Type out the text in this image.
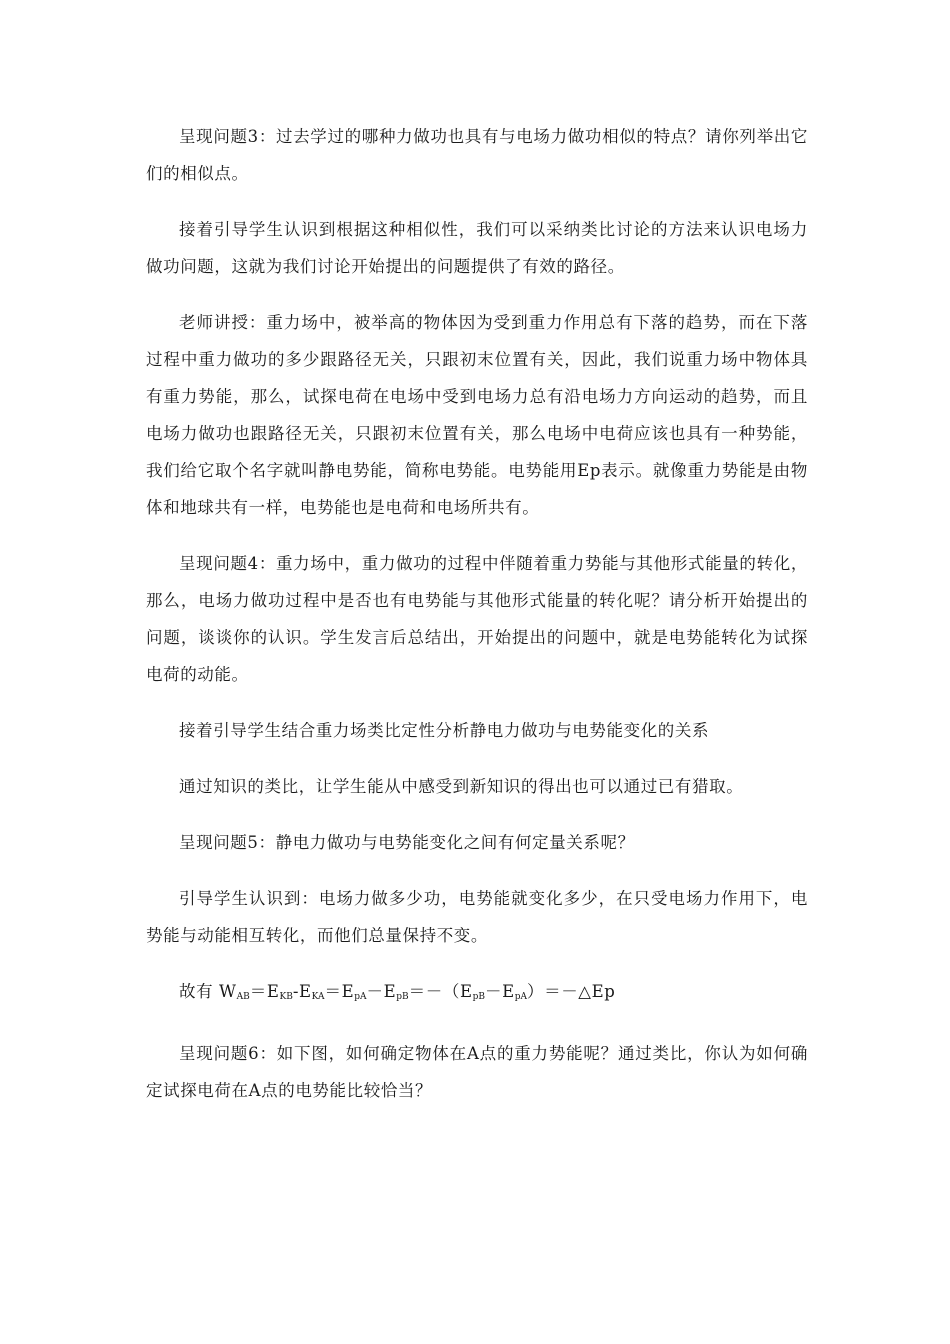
呈现问题3：过去学过的哪种力做功也具有与电场力做功相似的特点？请你列举出它们的相似点。

接着引导学生认识到根据这种相似性，我们可以采纳类比讨论的方法来认识电场力做功问题，这就为我们讨论开始提出的问题提供了有效的路径。

老师讲授：重力场中，被举高的物体因为受到重力作用总有下落的趋势，而在下落过程中重力做功的多少跟路径无关，只跟初末位置有关，因此，我们说重力场中物体具有重力势能，那么，试探电荷在电场中受到电场力总有沿电场力方向运动的趋势，而且电场力做功也跟路径无关，只跟初末位置有关，那么电场中电荷应该也具有一种势能，我们给它取个名字就叫静电势能，简称电势能。电势能用Ep表示。就像重力势能是由物体和地球共有一样，电势能也是电荷和电场所共有。

呈现问题4：重力场中，重力做功的过程中伴随着重力势能与其他形式能量的转化，那么，电场力做功过程中是否也有电势能与其他形式能量的转化呢？请分析开始提出的问题，谈谈你的认识。学生发言后总结出，开始提出的问题中，就是电势能转化为试探电荷的动能。

接着引导学生结合重力场类比定性分析静电力做功与电势能变化的关系

通过知识的类比，让学生能从中感受到新知识的得出也可以通过已有猎取。

呈现问题5：静电力做功与电势能变化之间有何定量关系呢？

引导学生认识到：电场力做多少功，电势能就变化多少，在只受电场力作用下，电势能与动能相互转化，而他们总量保持不变。

故有 $W_{AB}=E_{KB}-E_{KA}=E_{pA}-E_{pB}=-(E_{pB}-E_{pA})=-\triangle Ep$

呈现问题6：如下图，如何确定物体在A点的重力势能呢？通过类比，你认为如何确定试探电荷在A点的电势能比较恰当？
